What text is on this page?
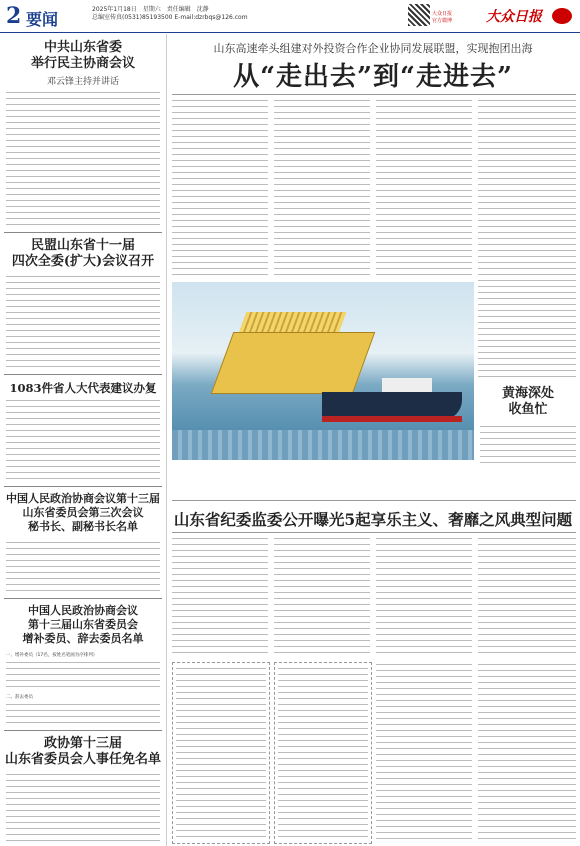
2 要闻
2025年1月18日　星期六　责任编辑　沈静
总编室传真(0531)85193500 E-mail:dzrbqs@126.com	大众日报官方微博 大众日报
中共山东省委
举行民主协商会议
邓云锋主持并讲话
民盟山东省十一届
四次全委(扩大)会议召开
1083件省人大代表建议办复
中国人民政治协商会议第十三届
山东省委员会第三次会议
秘书长、副秘书长名单
中国人民政治协商会议
第十三届山东省委员会
增补委员、辞去委员名单
一、增补委员（17名，按姓名笔画为序排列）
二、辞去委员
政协第十三届
山东省委员会人事任免名单
山东高速牵头组建对外投资合作企业协同发展联盟，实现抱团出海
从“走出去”到“走进去”
黄海深处
收鱼忙
山东省纪委监委公开曝光5起享乐主义、奢靡之风典型问题
